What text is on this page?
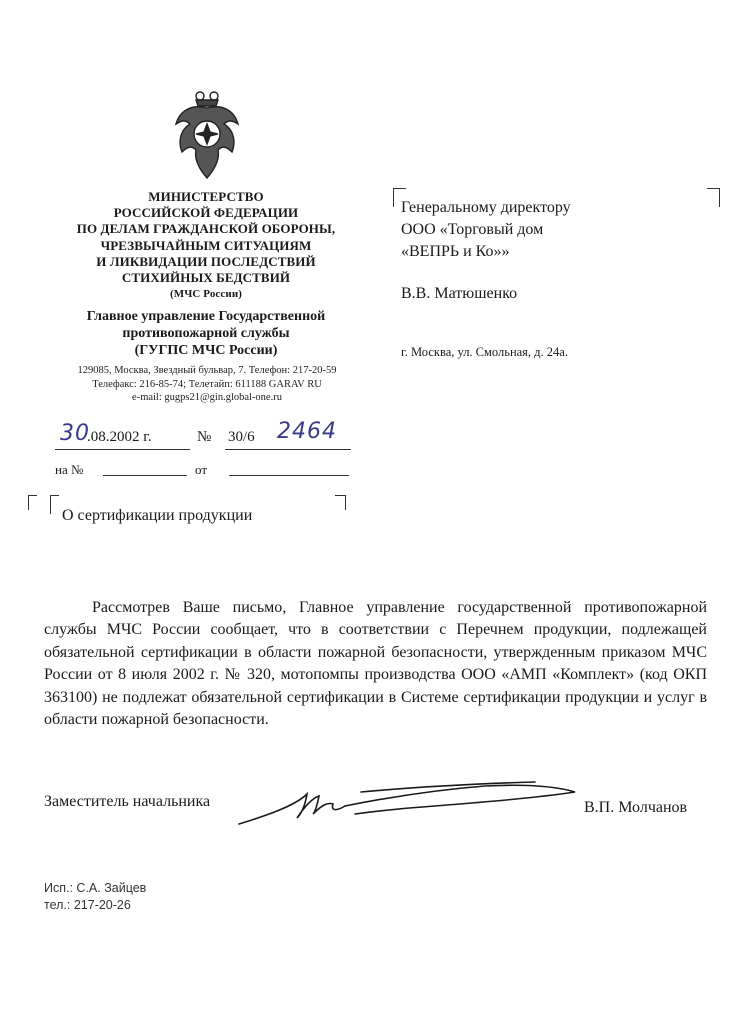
МИНИСТЕРСТВО
РОССИЙСКОЙ ФЕДЕРАЦИИ
ПО ДЕЛАМ ГРАЖДАНСКОЙ ОБОРОНЫ,
ЧРЕЗВЫЧАЙНЫМ СИТУАЦИЯМ
И ЛИКВИДАЦИИ ПОСЛЕДСТВИЙ
СТИХИЙНЫХ БЕДСТВИЙ
(МЧС России)
Главное управление Государственной
противопожарной службы
(ГУГПС МЧС России)
129085, Москва, Звездный бульвар, 7. Телефон: 217-20-59
Телефакс: 216-85-74; Телетайп: 611188 GARAV RU
e-mail: gugps21@gin.global-one.ru
30
.08.2002 г.	№ 30/6 2464
на №	от
Генеральному директору
ООО «Торговый дом
«ВЕПРЬ и Ко»»
В.В. Матюшенко
г. Москва, ул. Смольная, д. 24а.
О сертификации продукции
Рассмотрев Ваше письмо, Главное управление государственной противопожарной службы МЧС России сообщает, что в соответствии с Перечнем продукции, подлежащей обязательной сертификации в области пожарной безопасности, утвержденным приказом МЧС России от 8 июля 2002 г. № 320, мотопомпы производства ООО «АМП «Комплект» (код ОКП 363100) не подлежат обязательной сертификации в Системе сертификации продукции и услуг в области пожарной безопасности.
Заместитель начальника	В.П. Молчанов
Исп.: С.А. Зайцев
тел.: 217-20-26
